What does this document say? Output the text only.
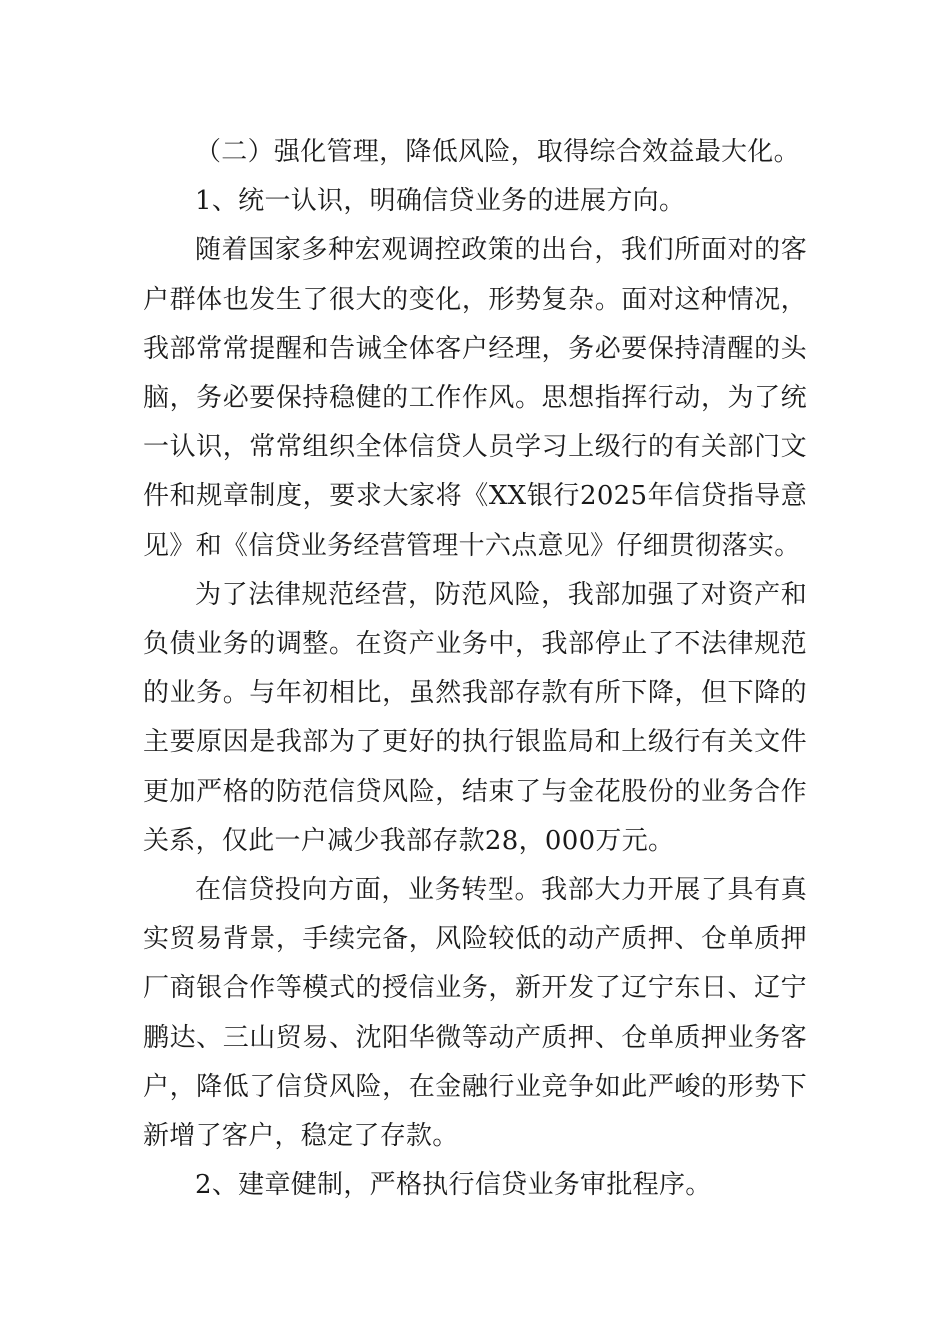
（二）强化管理，降低风险，取得综合效益最大化。

1、统一认识，明确信贷业务的进展方向。

随着国家多种宏观调控政策的出台，我们所面对的客户群体也发生了很大的变化，形势复杂。面对这种情况，我部常常提醒和告诫全体客户经理，务必要保持清醒的头脑，务必要保持稳健的工作作风。思想指挥行动，为了统一认识，常常组织全体信贷人员学习上级行的有关部门文件和规章制度，要求大家将《XX银行2025年信贷指导意见》和《信贷业务经营管理十六点意见》仔细贯彻落实。

为了法律规范经营，防范风险，我部加强了对资产和负债业务的调整。在资产业务中，我部停止了不法律规范的业务。与年初相比，虽然我部存款有所下降，但下降的主要原因是我部为了更好的执行银监局和上级行有关文件更加严格的防范信贷风险，结束了与金花股份的业务合作关系，仅此一户减少我部存款28，000万元。

在信贷投向方面，业务转型。我部大力开展了具有真实贸易背景，手续完备，风险较低的动产质押、仓单质押厂商银合作等模式的授信业务，新开发了辽宁东日、辽宁鹏达、三山贸易、沈阳华微等动产质押、仓单质押业务客户，降低了信贷风险，在金融行业竞争如此严峻的形势下新增了客户，稳定了存款。

2、建章健制，严格执行信贷业务审批程序。
